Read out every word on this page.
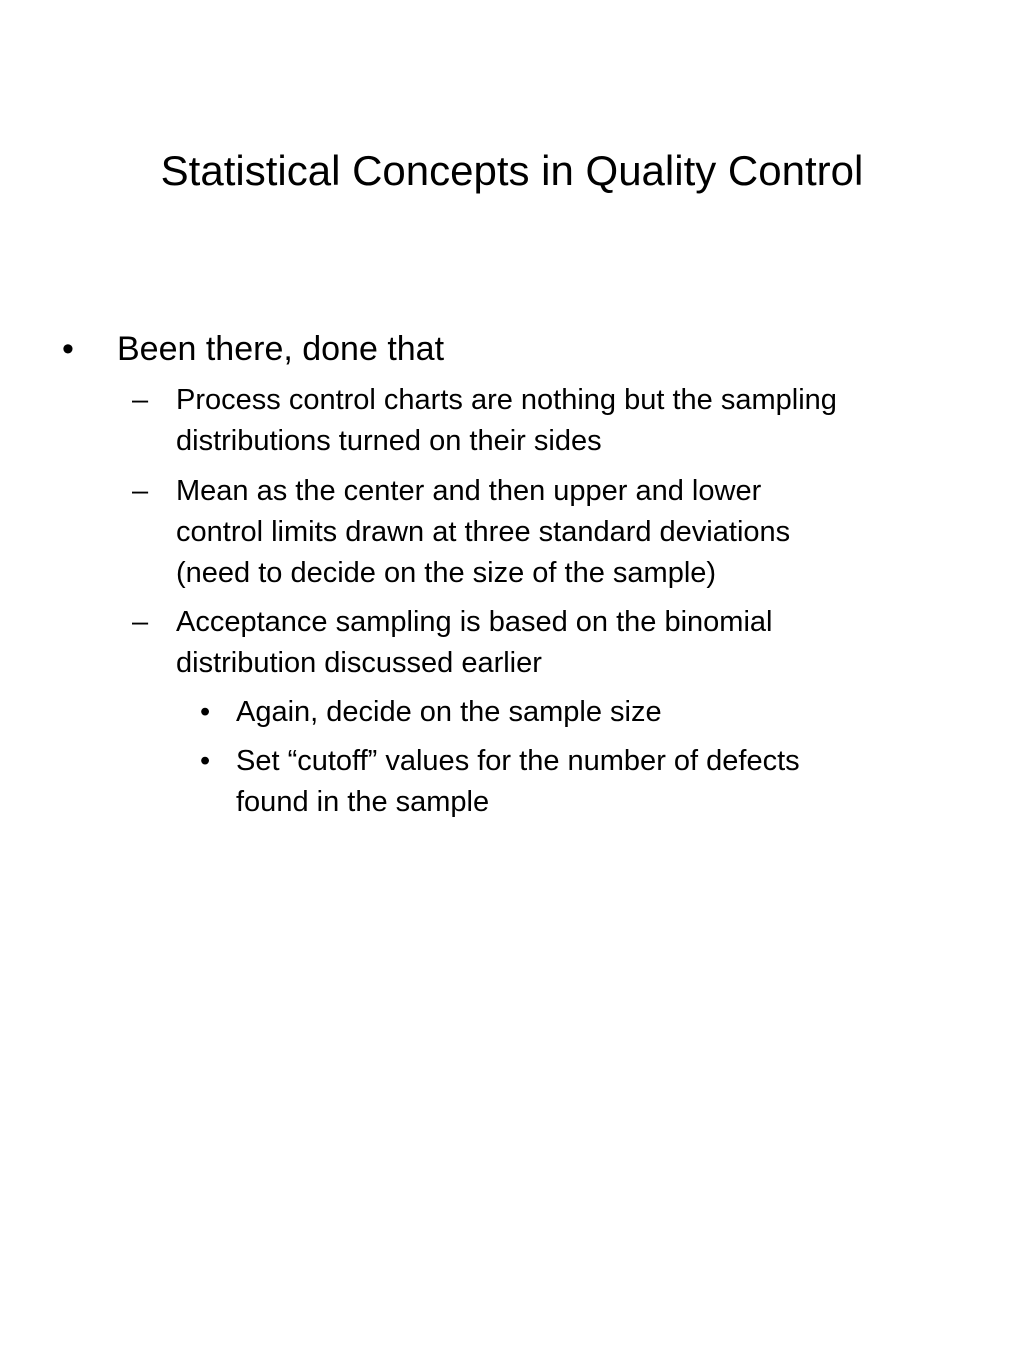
Statistical Concepts in Quality Control
• Been there, done that
– Process control charts are nothing but the sampling
distributions turned on their sides
– Mean as the center and then upper and lower
control limits drawn at three standard deviations
(need to decide on the size of the sample)
– Acceptance sampling is based on the binomial
distribution discussed earlier
• Again, decide on the sample size
• Set “cutoff” values for the number of defects
found in the sample
